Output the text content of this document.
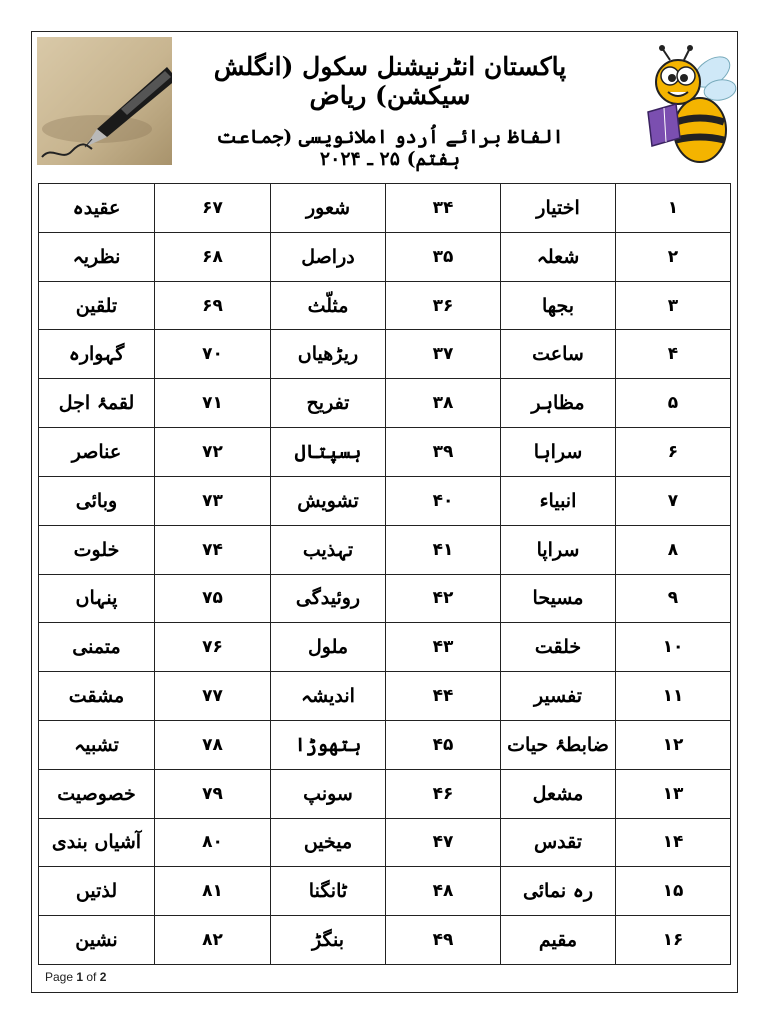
پاکستان انٹرنیشنل سکول (انگلش سیکشن) ریاض
الفاظ برائے اُردو املانویسی (جماعت ہفتم) ۲۵ ـ ۲۰۲۴
۱	اختیار	۳۴	شعور	۶۷	عقیدہ
۲	شعلہ	۳۵	دراصل	۶۸	نظریہ
۳	بجھا	۳۶	مثلّث	۶۹	تلقین
۴	ساعت	۳۷	ریڑھیاں	۷۰	گہوارہ
۵	مظاہر	۳۸	تفریح	۷۱	لقمۂ اجل
۶	سراہا	۳۹	ہسپتال	۷۲	عناصر
۷	انبیاء	۴۰	تشویش	۷۳	وبائی
۸	سراپا	۴۱	تہذیب	۷۴	خلوت
۹	مسیحا	۴۲	روئیدگی	۷۵	پنہاں
۱۰	خلقت	۴۳	ملول	۷۶	متمنی
۱۱	تفسیر	۴۴	اندیشہ	۷۷	مشقت
۱۲	ضابطۂ حیات	۴۵	ہتھوڑا	۷۸	تشبیہ
۱۳	مشعل	۴۶	سونپ	۷۹	خصوصیت
۱۴	تقدس	۴۷	میخیں	۸۰	آشیاں بندی
۱۵	رہ نمائی	۴۸	ٹانگنا	۸۱	لذتیں
۱۶	مقیم	۴۹	بنگڑ	۸۲	نشین
Page 1 of 2
